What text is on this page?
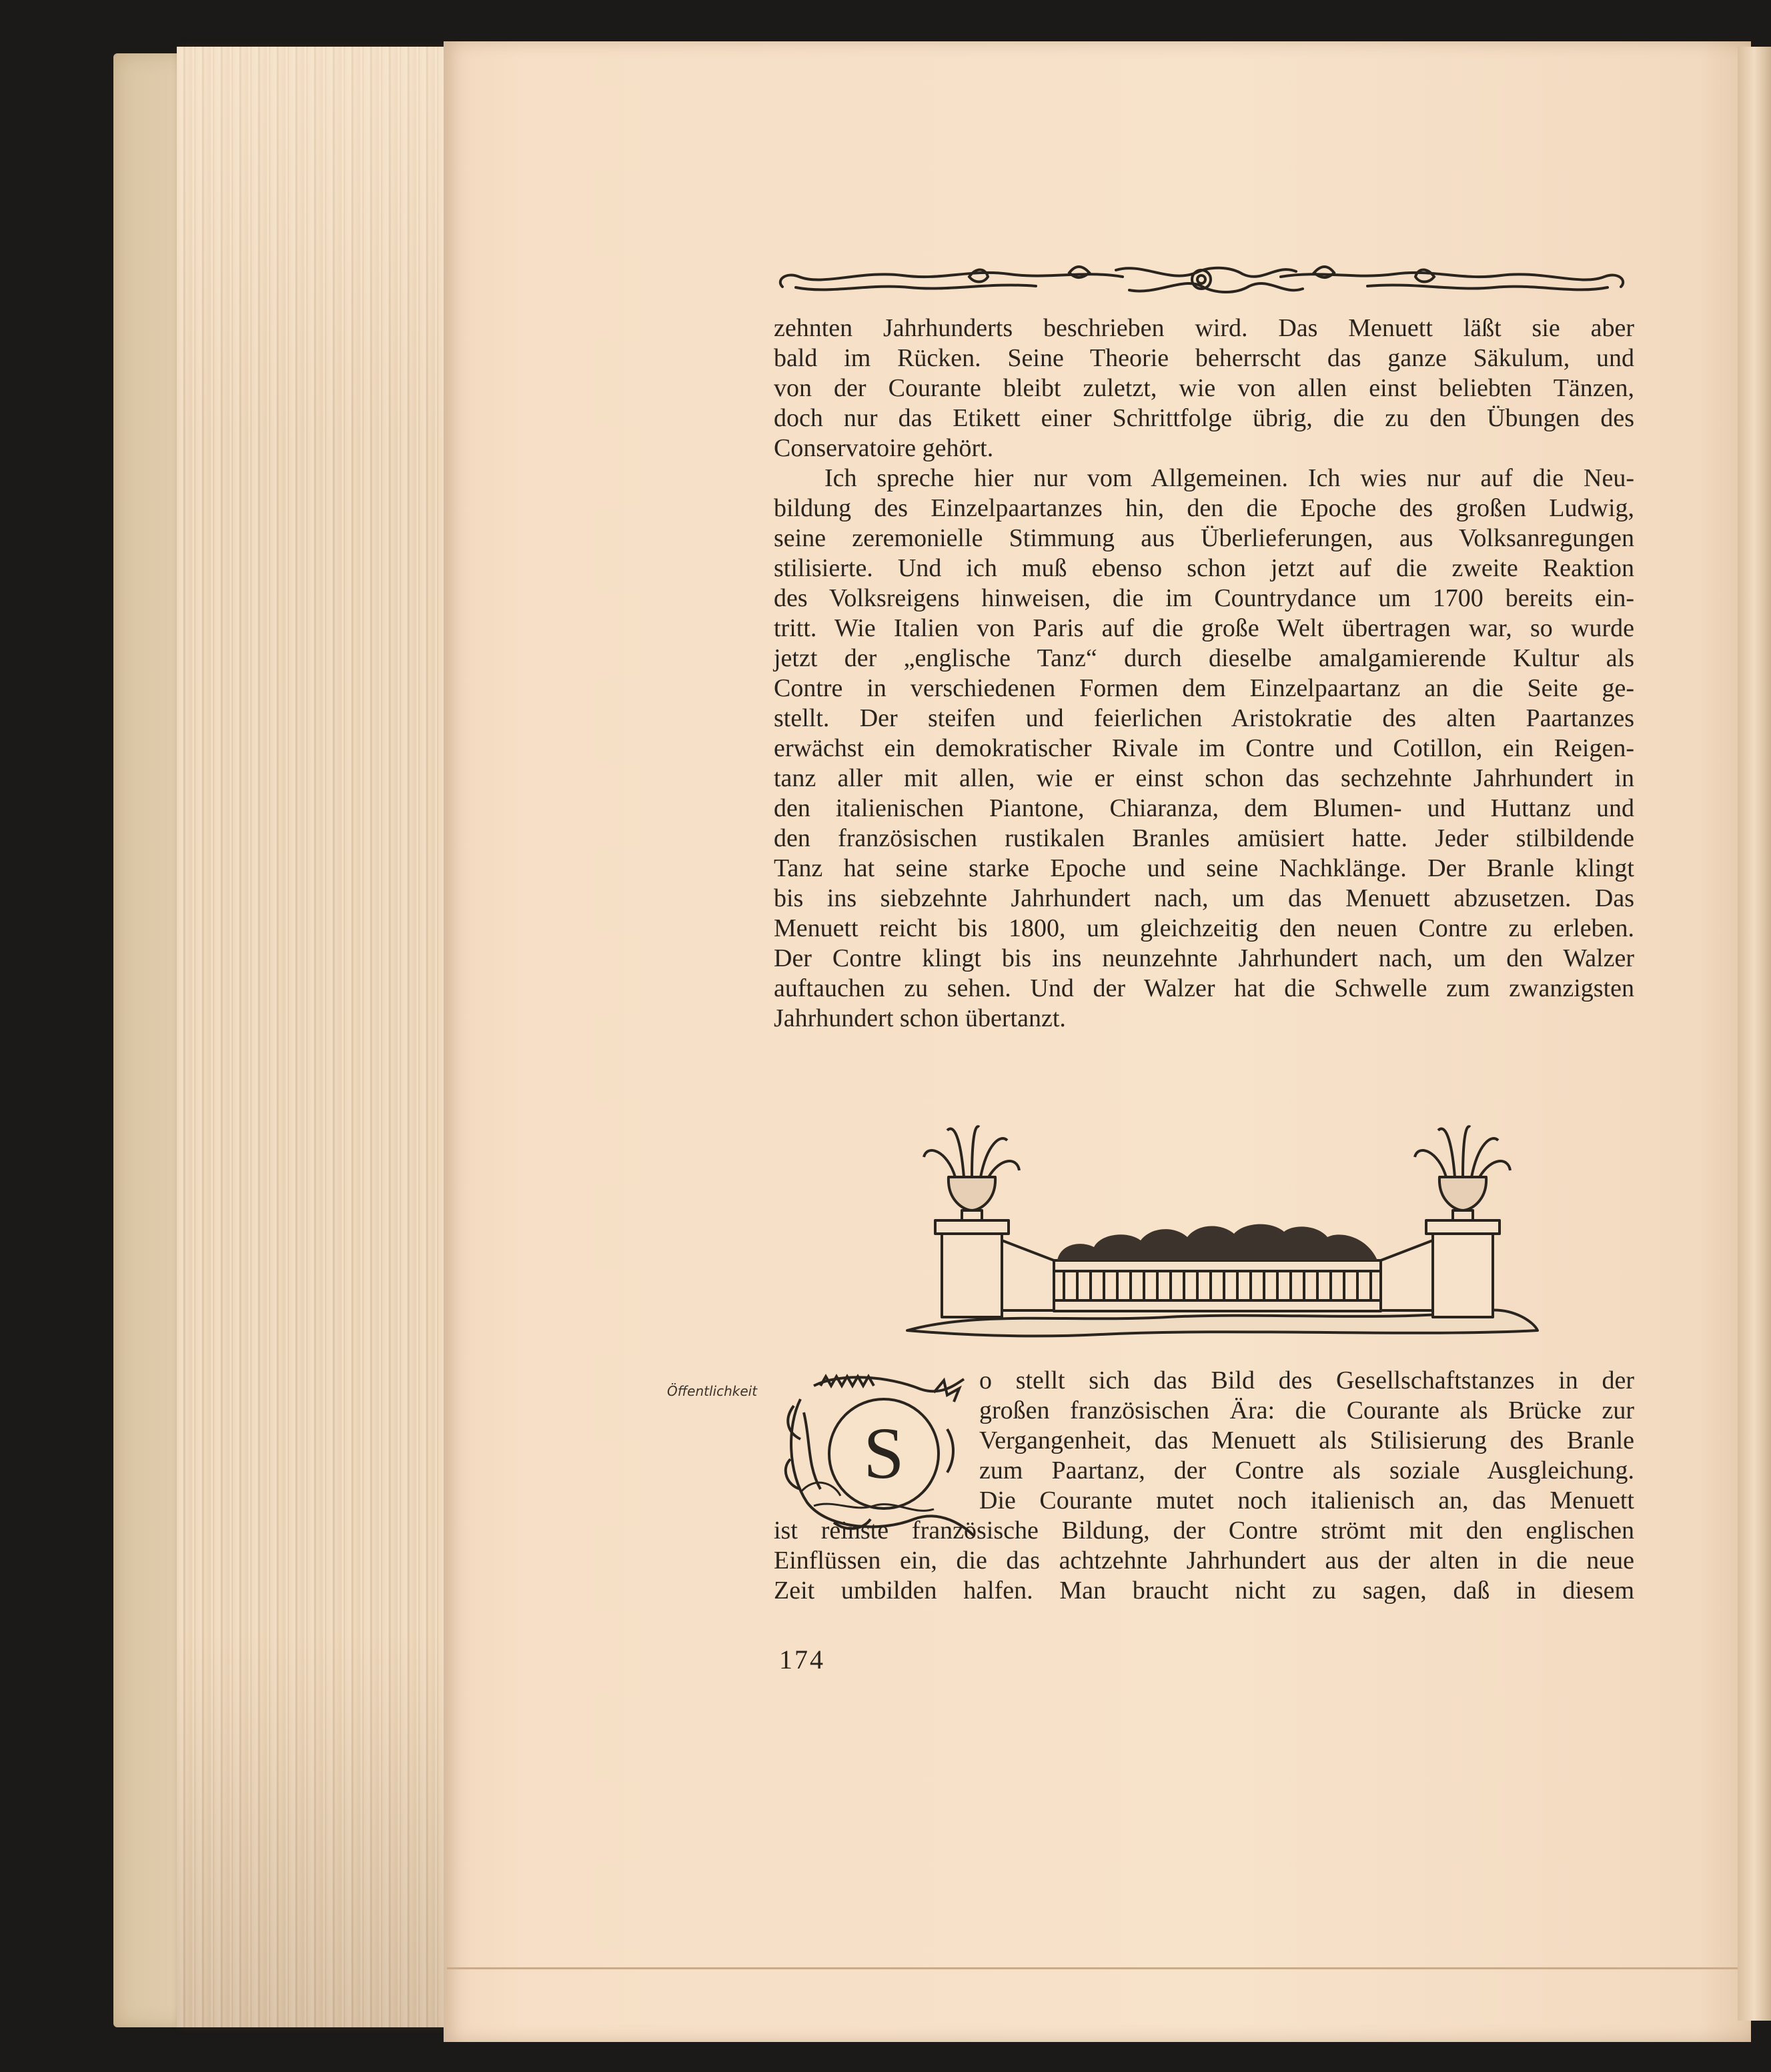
zehnten Jahrhunderts beschrieben wird. Das Menuett läßt sie aber
bald im Rücken. Seine Theorie beherrscht das ganze Säkulum, und
von der Courante bleibt zuletzt, wie von allen einst beliebten Tänzen,
doch nur das Etikett einer Schrittfolge übrig, die zu den Übungen des
Conservatoire gehört.
Ich spreche hier nur vom Allgemeinen. Ich wies nur auf die Neu-
bildung des Einzelpaartanzes hin, den die Epoche des großen Ludwig,
seine zeremonielle Stimmung aus Überlieferungen, aus Volksanregungen
stilisierte. Und ich muß ebenso schon jetzt auf die zweite Reaktion
des Volksreigens hinweisen, die im Countrydance um 1700 bereits ein-
tritt. Wie Italien von Paris auf die große Welt übertragen war, so wurde
jetzt der „englische Tanz“ durch dieselbe amalgamierende Kultur als
Contre in verschiedenen Formen dem Einzelpaartanz an die Seite ge-
stellt. Der steifen und feierlichen Aristokratie des alten Paartanzes
erwächst ein demokratischer Rivale im Contre und Cotillon, ein Reigen-
tanz aller mit allen, wie er einst schon das sechzehnte Jahrhundert in
den italienischen Piantone, Chiaranza, dem Blumen- und Huttanz und
den französischen rustikalen Branles amüsiert hatte. Jeder stilbildende
Tanz hat seine starke Epoche und seine Nachklänge. Der Branle klingt
bis ins siebzehnte Jahrhundert nach, um das Menuett abzusetzen. Das
Menuett reicht bis 1800, um gleichzeitig den neuen Contre zu erleben.
Der Contre klingt bis ins neunzehnte Jahrhundert nach, um den Walzer
auftauchen zu sehen. Und der Walzer hat die Schwelle zum zwanzigsten
Jahrhundert schon übertanzt.
Öffentlichkeit
S
o stellt sich das Bild des Gesellschaftstanzes in der
großen französischen Ära: die Courante als Brücke zur
Vergangenheit, das Menuett als Stilisierung des Branle
zum Paartanz, der Contre als soziale Ausgleichung.
Die Courante mutet noch italienisch an, das Menuett
ist reinste französische Bildung, der Contre strömt mit den englischen
Einflüssen ein, die das achtzehnte Jahrhundert aus der alten in die neue
Zeit umbilden halfen. Man braucht nicht zu sagen, daß in diesem
174
